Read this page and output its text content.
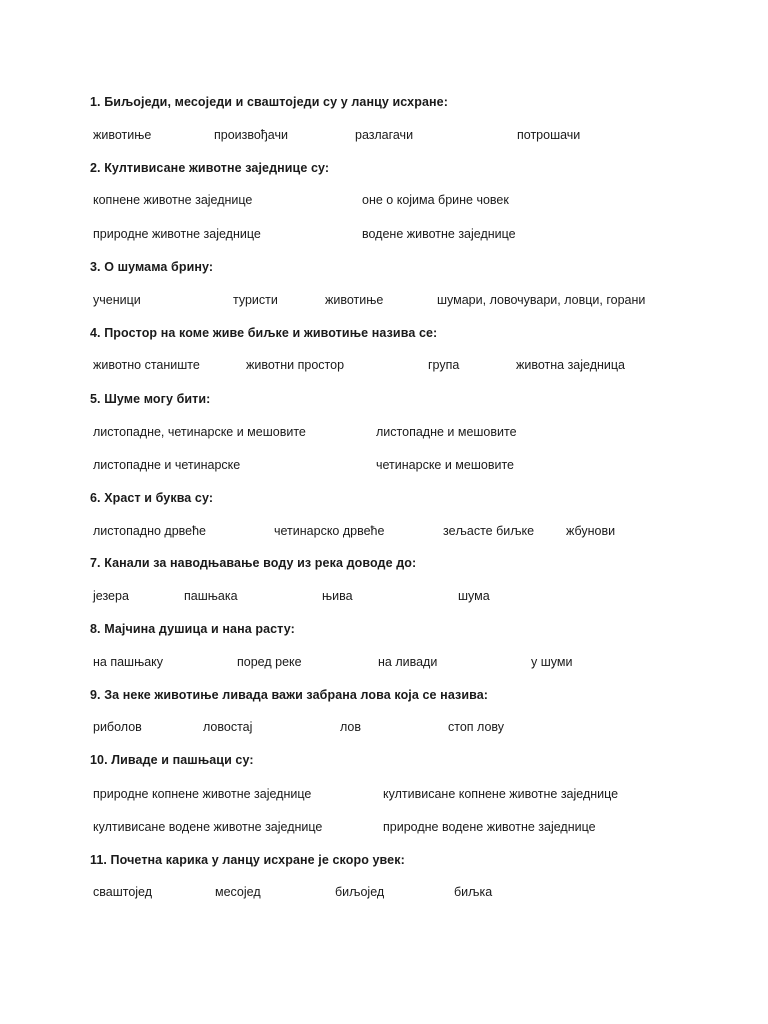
1. Биљоједи, месоједи и сваштоједи су у ланцу исхране:
животиње	произвођачи	разлагачи	потрошачи
2. Култивисане животне заједнице су:
копнене животне заједнице	оне о којима брине човек
природне животне заједнице	водене животне заједнице
3. О шумама брину:
ученици	туристи	животиње	шумари, ловочувари, ловци, горани
4. Простор на коме живе биљке и животиње назива се:
животно станиште	животни простор	група	животна заједница
5. Шуме могу бити:
листопадне, четинарске и мешовите	листопадне и мешовите
листопадне и четинарске	четинарске и мешовите
6. Храст и буква су:
листопадно дрвеће	четинарско дрвеће	зељасте биљке	жбунови
7. Канали за наводњавање воду из река доводе до:
језера	пашњака	њива	шума
8. Мајчина душица и нана расту:
на пашњаку	поред реке	на ливади	у шуми
9. За неке животиње ливада важи забрана лова која се назива:
риболов	ловостај	лов	стоп лову
10. Ливаде и пашњаци су:
природне копнене животне заједнице	култивисане копнене животне заједнице
култивисане водене животне заједнице	природне водене животне заједнице
11. Почетна карика у ланцу исхране је скоро увек:
сваштојед	месојед	биљојед	биљка
